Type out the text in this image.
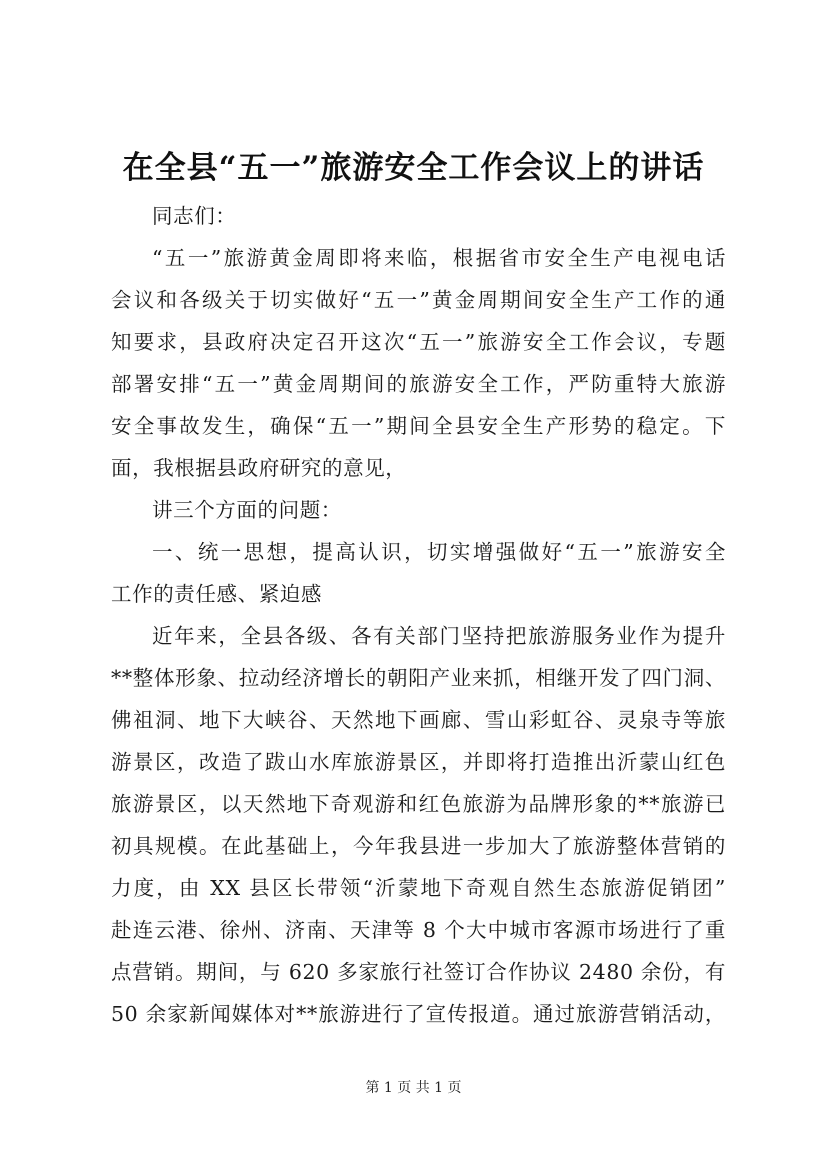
在全县“五一”旅游安全工作会议上的讲话
同志们：
“五一”旅游黄金周即将来临，根据省市安全生产电视电话
会议和各级关于切实做好“五一”黄金周期间安全生产工作的通
知要求，县政府决定召开这次“五一”旅游安全工作会议，专题
部署安排“五一”黄金周期间的旅游安全工作，严防重特大旅游
安全事故发生，确保“五一”期间全县安全生产形势的稳定。下
面，我根据县政府研究的意见，
讲三个方面的问题：
一、统一思想，提高认识，切实增强做好“五一”旅游安全
工作的责任感、紧迫感
近年来，全县各级、各有关部门坚持把旅游服务业作为提升
**整体形象、拉动经济增长的朝阳产业来抓，相继开发了四门洞、
佛祖洞、地下大峡谷、天然地下画廊、雪山彩虹谷、灵泉寺等旅
游景区，改造了跋山水库旅游景区，并即将打造推出沂蒙山红色
旅游景区，以天然地下奇观游和红色旅游为品牌形象的**旅游已
初具规模。在此基础上，今年我县进一步加大了旅游整体营销的
力度，由 XX 县区长带领“沂蒙地下奇观自然生态旅游促销团”
赴连云港、徐州、济南、天津等 8 个大中城市客源市场进行了重
点营销。期间，与 620 多家旅行社签订合作协议 2480 余份，有
50 余家新闻媒体对**旅游进行了宣传报道。通过旅游营销活动，
第 1 页 共 1 页
